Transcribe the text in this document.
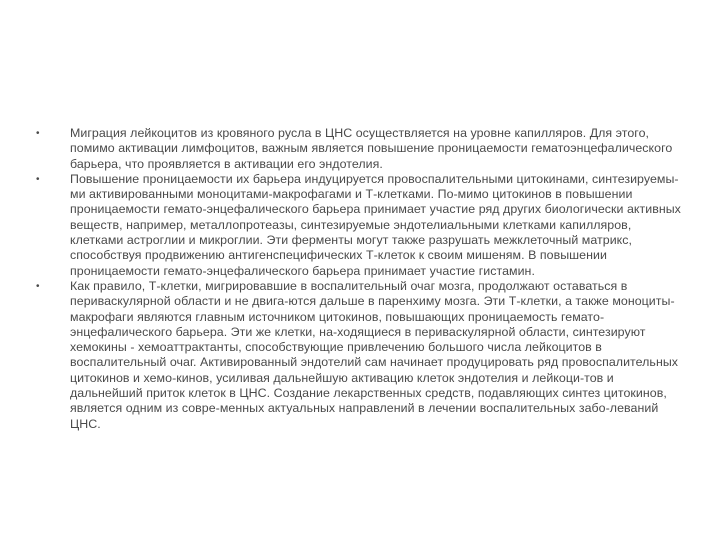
• Миграция лейкоцитов из кровяного русла в ЦНС осуществляется на уровне капилляров. Для этого, помимо активации лимфоцитов, важным является повышение проницаемости гематоэнцефалического барьера, что проявляется в активации его эндотелия.
• Повышение проницаемости их барьера индуцируется провоспалительными цитокинами, синтезируемы-ми активированными моноцитами-макрофагами и Т-клетками. По-мимо цитокинов в повышении проницаемости гемато-энцефалического барьера принимает участие ряд других биологически активных веществ, например, металлопротеазы, синтезируемые эндотелиальными клетками капилляров, клетками астроглии и микроглии. Эти ферменты могут также разрушать межклеточный матрикс, способствуя продвижению антигенспецифических Т-клеток к своим мишеням. В повышении проницаемости гемато-энцефалического барьера принимает участие гистамин.
• Как правило, Т-клетки, мигрировавшие в воспалительный очаг мозга, продолжают оставаться в периваскулярной области и не двига-ются дальше в паренхиму мозга. Эти Т-клетки, а также моноциты-макрофаги являются главным источником цитокинов, повышающих проницаемость гемато-энцефалического барьера. Эти же клетки, на-ходящиеся в периваскулярной области, синтезируют хемокины - хемоаттрактанты, способствующие привлечению большого числа лейкоцитов в воспалительный очаг. Активированный эндотелий сам начинает продуцировать ряд провоспалительных цитокинов и хемо-кинов, усиливая дальнейшую активацию клеток эндотелия и лейкоци-тов и дальнейший приток клеток в ЦНС. Создание лекарственных средств, подавляющих синтез цитокинов, является одним из совре-менных актуальных направлений в лечении воспалительных забо-леваний ЦНС.
